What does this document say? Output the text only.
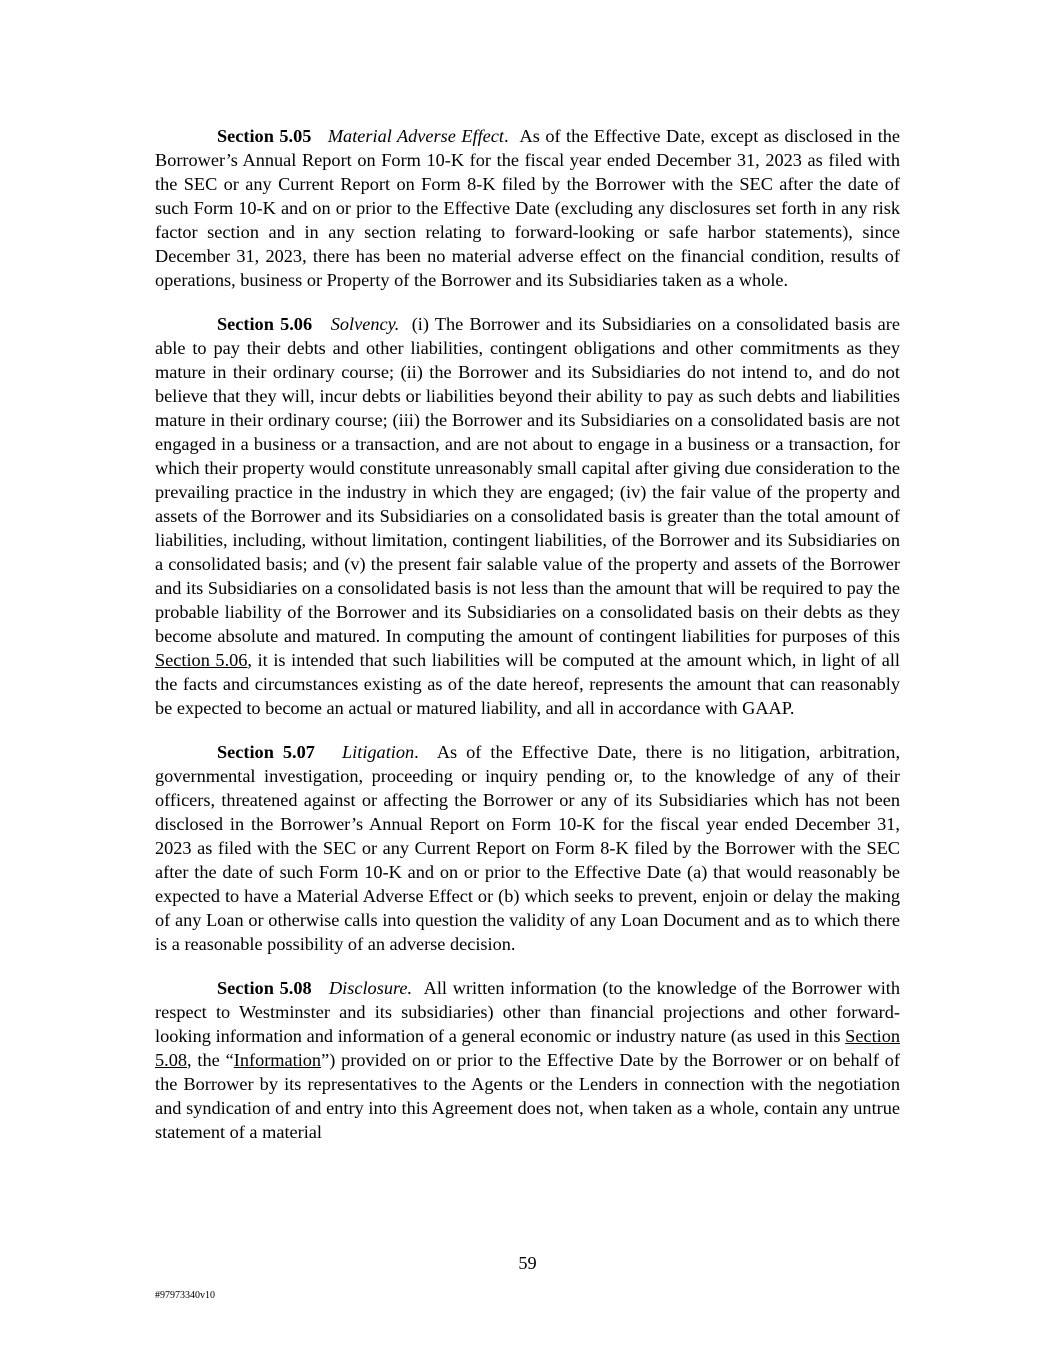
Section 5.05 Material Adverse Effect. As of the Effective Date, except as disclosed in the Borrower’s Annual Report on Form 10-K for the fiscal year ended December 31, 2023 as filed with the SEC or any Current Report on Form 8-K filed by the Borrower with the SEC after the date of such Form 10-K and on or prior to the Effective Date (excluding any disclosures set forth in any risk factor section and in any section relating to forward-looking or safe harbor statements), since December 31, 2023, there has been no material adverse effect on the financial condition, results of operations, business or Property of the Borrower and its Subsidiaries taken as a whole.

Section 5.06 Solvency. (i) The Borrower and its Subsidiaries on a consolidated basis are able to pay their debts and other liabilities, contingent obligations and other commitments as they mature in their ordinary course; (ii) the Borrower and its Subsidiaries do not intend to, and do not believe that they will, incur debts or liabilities beyond their ability to pay as such debts and liabilities mature in their ordinary course; (iii) the Borrower and its Subsidiaries on a consolidated basis are not engaged in a business or a transaction, and are not about to engage in a business or a transaction, for which their property would constitute unreasonably small capital after giving due consideration to the prevailing practice in the industry in which they are engaged; (iv) the fair value of the property and assets of the Borrower and its Subsidiaries on a consolidated basis is greater than the total amount of liabilities, including, without limitation, contingent liabilities, of the Borrower and its Subsidiaries on a consolidated basis; and (v) the present fair salable value of the property and assets of the Borrower and its Subsidiaries on a consolidated basis is not less than the amount that will be required to pay the probable liability of the Borrower and its Subsidiaries on a consolidated basis on their debts as they become absolute and matured. In computing the amount of contingent liabilities for purposes of this Section 5.06, it is intended that such liabilities will be computed at the amount which, in light of all the facts and circumstances existing as of the date hereof, represents the amount that can reasonably be expected to become an actual or matured liability, and all in accordance with GAAP.

Section 5.07 Litigation. As of the Effective Date, there is no litigation, arbitration, governmental investigation, proceeding or inquiry pending or, to the knowledge of any of their officers, threatened against or affecting the Borrower or any of its Subsidiaries which has not been disclosed in the Borrower’s Annual Report on Form 10-K for the fiscal year ended December 31, 2023 as filed with the SEC or any Current Report on Form 8-K filed by the Borrower with the SEC after the date of such Form 10-K and on or prior to the Effective Date (a) that would reasonably be expected to have a Material Adverse Effect or (b) which seeks to prevent, enjoin or delay the making of any Loan or otherwise calls into question the validity of any Loan Document and as to which there is a reasonable possibility of an adverse decision.

Section 5.08 Disclosure. All written information (to the knowledge of the Borrower with respect to Westminster and its subsidiaries) other than financial projections and other forward-looking information and information of a general economic or industry nature (as used in this Section 5.08, the “Information”) provided on or prior to the Effective Date by the Borrower or on behalf of the Borrower by its representatives to the Agents or the Lenders in connection with the negotiation and syndication of and entry into this Agreement does not, when taken as a whole, contain any untrue statement of a material

59
#97973340v10
